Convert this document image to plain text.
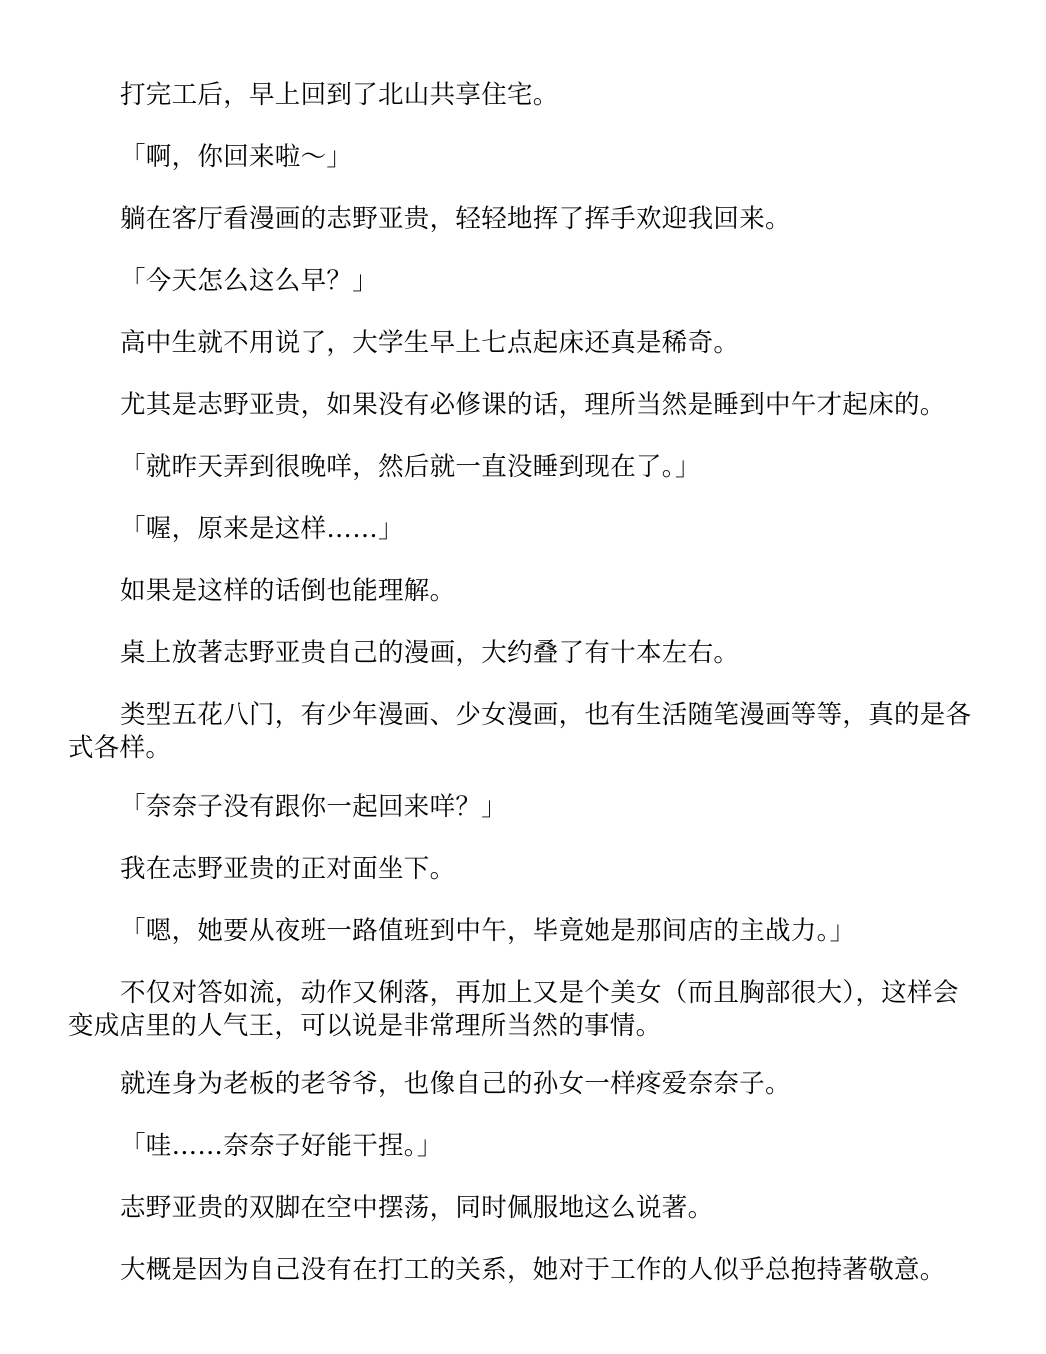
打完工后，早上回到了北山共享住宅。

「啊，你回来啦～」

躺在客厅看漫画的志野亚贵，轻轻地挥了挥手欢迎我回来。

「今天怎么这么早？」

高中生就不用说了，大学生早上七点起床还真是稀奇。

尤其是志野亚贵，如果没有必修课的话，理所当然是睡到中午才起床的。

「就昨天弄到很晚咩，然后就一直没睡到现在了。」

「喔，原来是这样……」

如果是这样的话倒也能理解。

桌上放著志野亚贵自己的漫画，大约叠了有十本左右。

类型五花八门，有少年漫画、少女漫画，也有生活随笔漫画等等，真的是各式各样。

「奈奈子没有跟你一起回来咩？」

我在志野亚贵的正对面坐下。

「嗯，她要从夜班一路值班到中午，毕竟她是那间店的主战力。」

不仅对答如流，动作又俐落，再加上又是个美女（而且胸部很大），这样会变成店里的人气王，可以说是非常理所当然的事情。

就连身为老板的老爷爷，也像自己的孙女一样疼爱奈奈子。

「哇……奈奈子好能干捏。」

志野亚贵的双脚在空中摆荡，同时佩服地这么说著。

大概是因为自己没有在打工的关系，她对于工作的人似乎总抱持著敬意。
